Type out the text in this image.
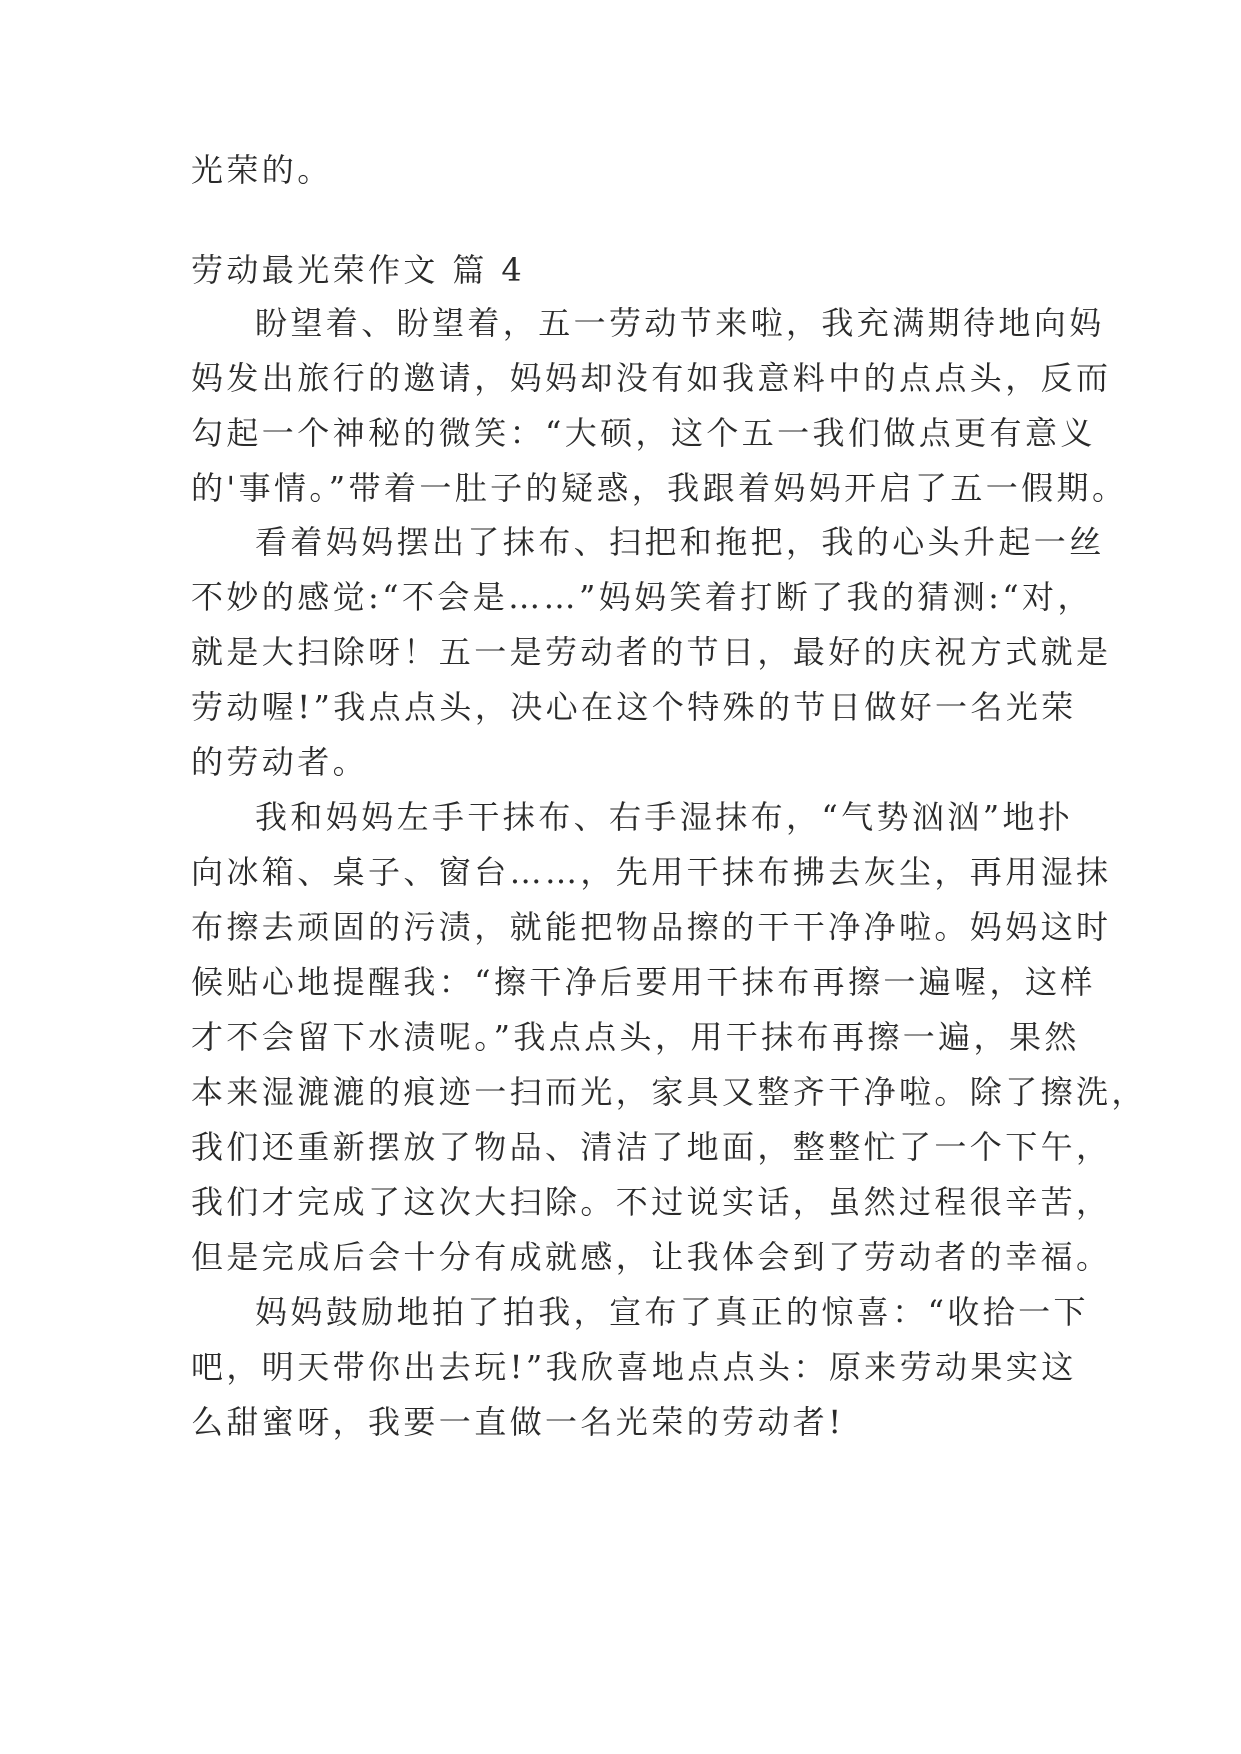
光荣的。
劳动最光荣作文 篇 4
盼望着、盼望着，五一劳动节来啦，我充满期待地向妈
妈发出旅行的邀请，妈妈却没有如我意料中的点点头，反而
勾起一个神秘的微笑：“大硕，这个五一我们做点更有意义
的'事情。”带着一肚子的疑惑，我跟着妈妈开启了五一假期。
看着妈妈摆出了抹布、扫把和拖把，我的心头升起一丝
不妙的感觉:“不会是……”妈妈笑着打断了我的猜测:“对，
就是大扫除呀！五一是劳动者的节日，最好的庆祝方式就是
劳动喔!”我点点头，决心在这个特殊的节日做好一名光荣
的劳动者。
我和妈妈左手干抹布、右手湿抹布，“气势汹汹”地扑
向冰箱、桌子、窗台……，先用干抹布拂去灰尘，再用湿抹
布擦去顽固的污渍，就能把物品擦的干干净净啦。妈妈这时
候贴心地提醒我：“擦干净后要用干抹布再擦一遍喔，这样
才不会留下水渍呢。”我点点头，用干抹布再擦一遍，果然
本来湿漉漉的痕迹一扫而光，家具又整齐干净啦。除了擦洗，
我们还重新摆放了物品、清洁了地面，整整忙了一个下午，
我们才完成了这次大扫除。不过说实话，虽然过程很辛苦，
但是完成后会十分有成就感，让我体会到了劳动者的幸福。
妈妈鼓励地拍了拍我，宣布了真正的惊喜：“收拾一下
吧，明天带你出去玩!”我欣喜地点点头：原来劳动果实这
么甜蜜呀，我要一直做一名光荣的劳动者!
